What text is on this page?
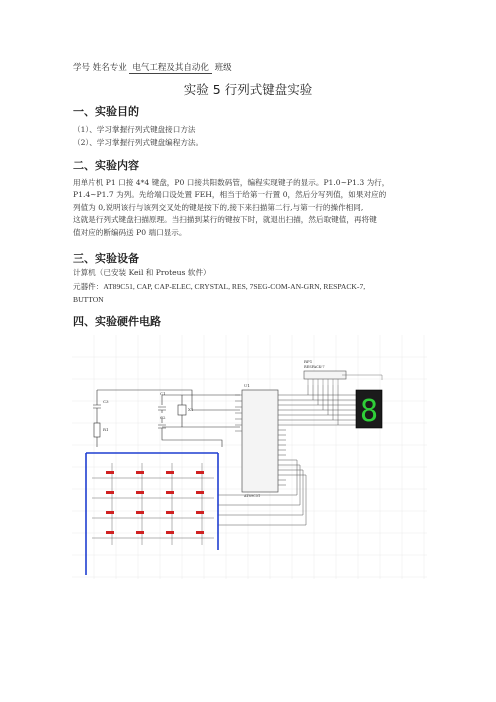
学号 姓名专业 电气工程及其自动化 班级
实验 5 行列式键盘实验
一、实验目的
（1）、学习掌握行列式键盘接口方法
（2）、学习掌握行列式键盘编程方法。
二、实验内容
用单片机 P1 口接 4*4 键盘，P0 口接共阳数码管，编程实现键子的显示。P1.0~P1.3 为行，
P1.4~P1.7 为列。先给端口设处置 FEH，相当于给第一行置 0，然后分写列值，如果对应的
列值为 0,说明该行与该列交叉处的键是按下的,接下来扫描第二行,与第一行的操作相同,
这就是行列式键盘扫描原理。当扫描到某行的键按下时，就退出扫描，然后取键值，再将键
值对应的断编码送 P0 端口显示。
三、实验设备
计算机（已安装 Keil 和 Proteus 软件）
元器件：AT89C51, CAP, CAP-ELEC, CRYSTAL, RES, 7SEG-COM-AN-GRN, RESPACK-7,
BUTTON
四、实验硬件电路
C3
R1
C1
C2
X1
U1
AT89C51
RP1
RESPACK-7
8
